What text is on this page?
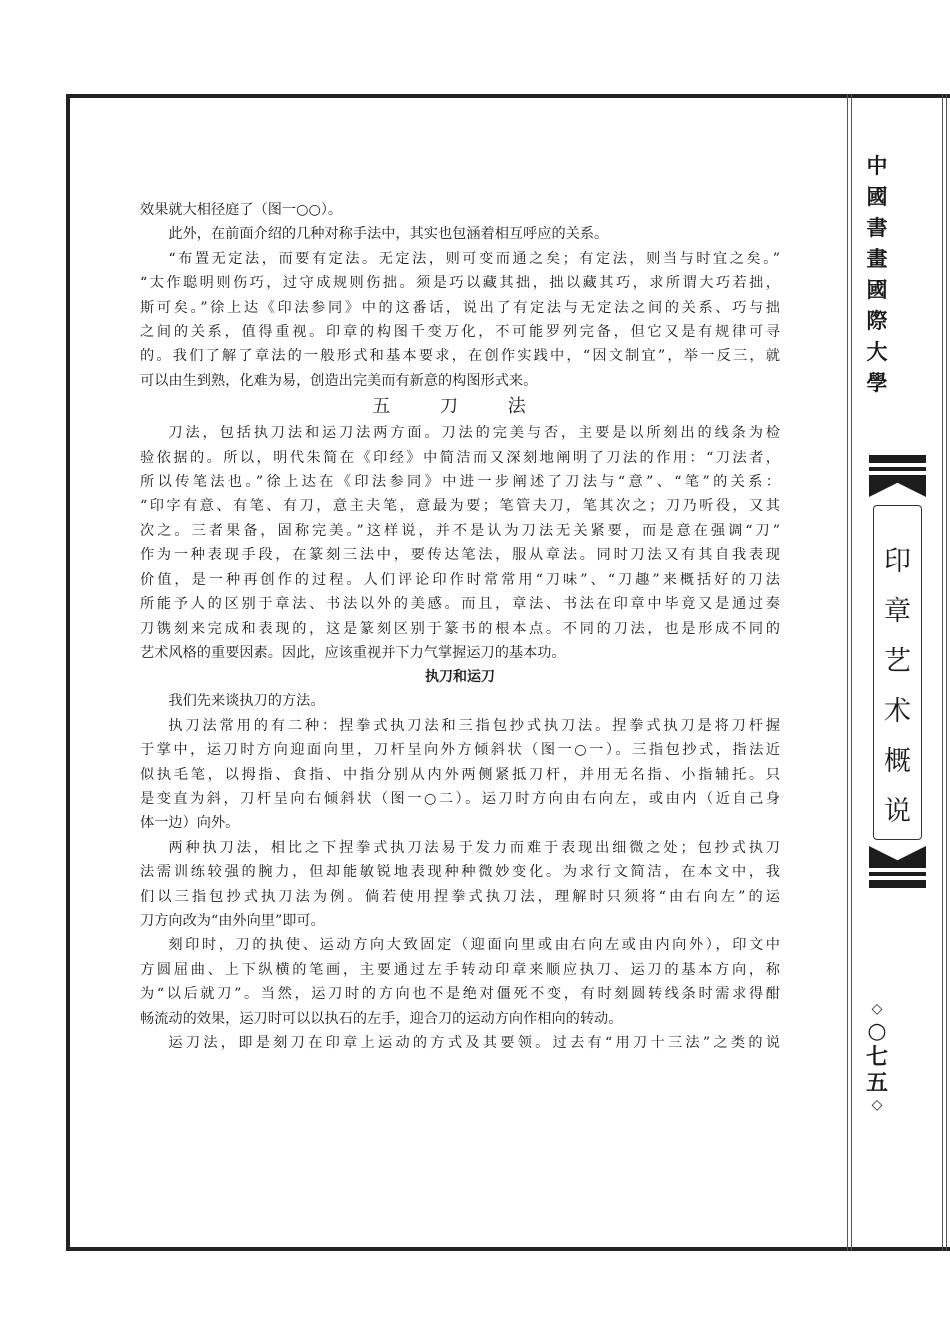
中
國
書
畫
國
際
大
學
印
章
艺
术
概
说
◇
○
七
五
◇

效果就大相径庭了（图一○○）。

此外，在前面介绍的几种对称手法中，其实也包涵着相互呼应的关系。

“布置无定法，而要有定法。无定法，则可变而通之矣；有定法，则当与时宜之矣。”
“太作聪明则伤巧，过守成规则伤拙。须是巧以藏其拙，拙以藏其巧，求所谓大巧若拙，
斯可矣。”徐上达《印法参同》中的这番话，说出了有定法与无定法之间的关系、巧与拙
之间的关系，值得重视。印章的构图千变万化，不可能罗列完备，但它又是有规律可寻
的。我们了解了章法的一般形式和基本要求，在创作实践中，“因文制宜”，举一反三，就
可以由生到熟，化难为易，创造出完美而有新意的构图形式来。

五 刀 法

刀法，包括执刀法和运刀法两方面。刀法的完美与否，主要是以所刻出的线条为检
验依据的。所以，明代朱简在《印经》中简洁而又深刻地阐明了刀法的作用：“刀法者，
所以传笔法也。”徐上达在《印法参同》中进一步阐述了刀法与“意”、“笔”的关系：
“印字有意、有笔、有刀，意主夫笔，意最为要；笔管夫刀，笔其次之；刀乃听役，又其
次之。三者果备，固称完美。”这样说，并不是认为刀法无关紧要，而是意在强调“刀”
作为一种表现手段，在篆刻三法中，要传达笔法，服从章法。同时刀法又有其自我表现
价值，是一种再创作的过程。人们评论印作时常常用“刀味”、“刀趣”来概括好的刀法
所能予人的区别于章法、书法以外的美感。而且，章法、书法在印章中毕竟又是通过奏
刀镌刻来完成和表现的，这是篆刻区别于篆书的根本点。不同的刀法，也是形成不同的
艺术风格的重要因素。因此，应该重视并下力气掌握运刀的基本功。

执刀和运刀

我们先来谈执刀的方法。

执刀法常用的有二种：捏拳式执刀法和三指包抄式执刀法。捏拳式执刀是将刀杆握
于掌中，运刀时方向迎面向里，刀杆呈向外方倾斜状（图一○一）。三指包抄式，指法近
似执毛笔，以拇指、食指、中指分别从内外两侧紧抵刀杆，并用无名指、小指辅托。只
是变直为斜，刀杆呈向右倾斜状（图一○二）。运刀时方向由右向左，或由内（近自己身
体一边）向外。

两种执刀法，相比之下捏拳式执刀法易于发力而难于表现出细微之处；包抄式执刀
法需训练较强的腕力，但却能敏锐地表现种种微妙变化。为求行文简洁，在本文中，我
们以三指包抄式执刀法为例。倘若使用捏拳式执刀法，理解时只须将“由右向左”的运
刀方向改为“由外向里”即可。

刻印时，刀的执使、运动方向大致固定（迎面向里或由右向左或由内向外），印文中
方圆屈曲、上下纵横的笔画，主要通过左手转动印章来顺应执刀、运刀的基本方向，称
为“以后就刀”。当然，运刀时的方向也不是绝对僵死不变，有时刻圆转线条时需求得酣
畅流动的效果，运刀时可以以执石的左手，迎合刀的运动方向作相向的转动。

运刀法，即是刻刀在印章上运动的方式及其要领。过去有“用刀十三法”之类的说
